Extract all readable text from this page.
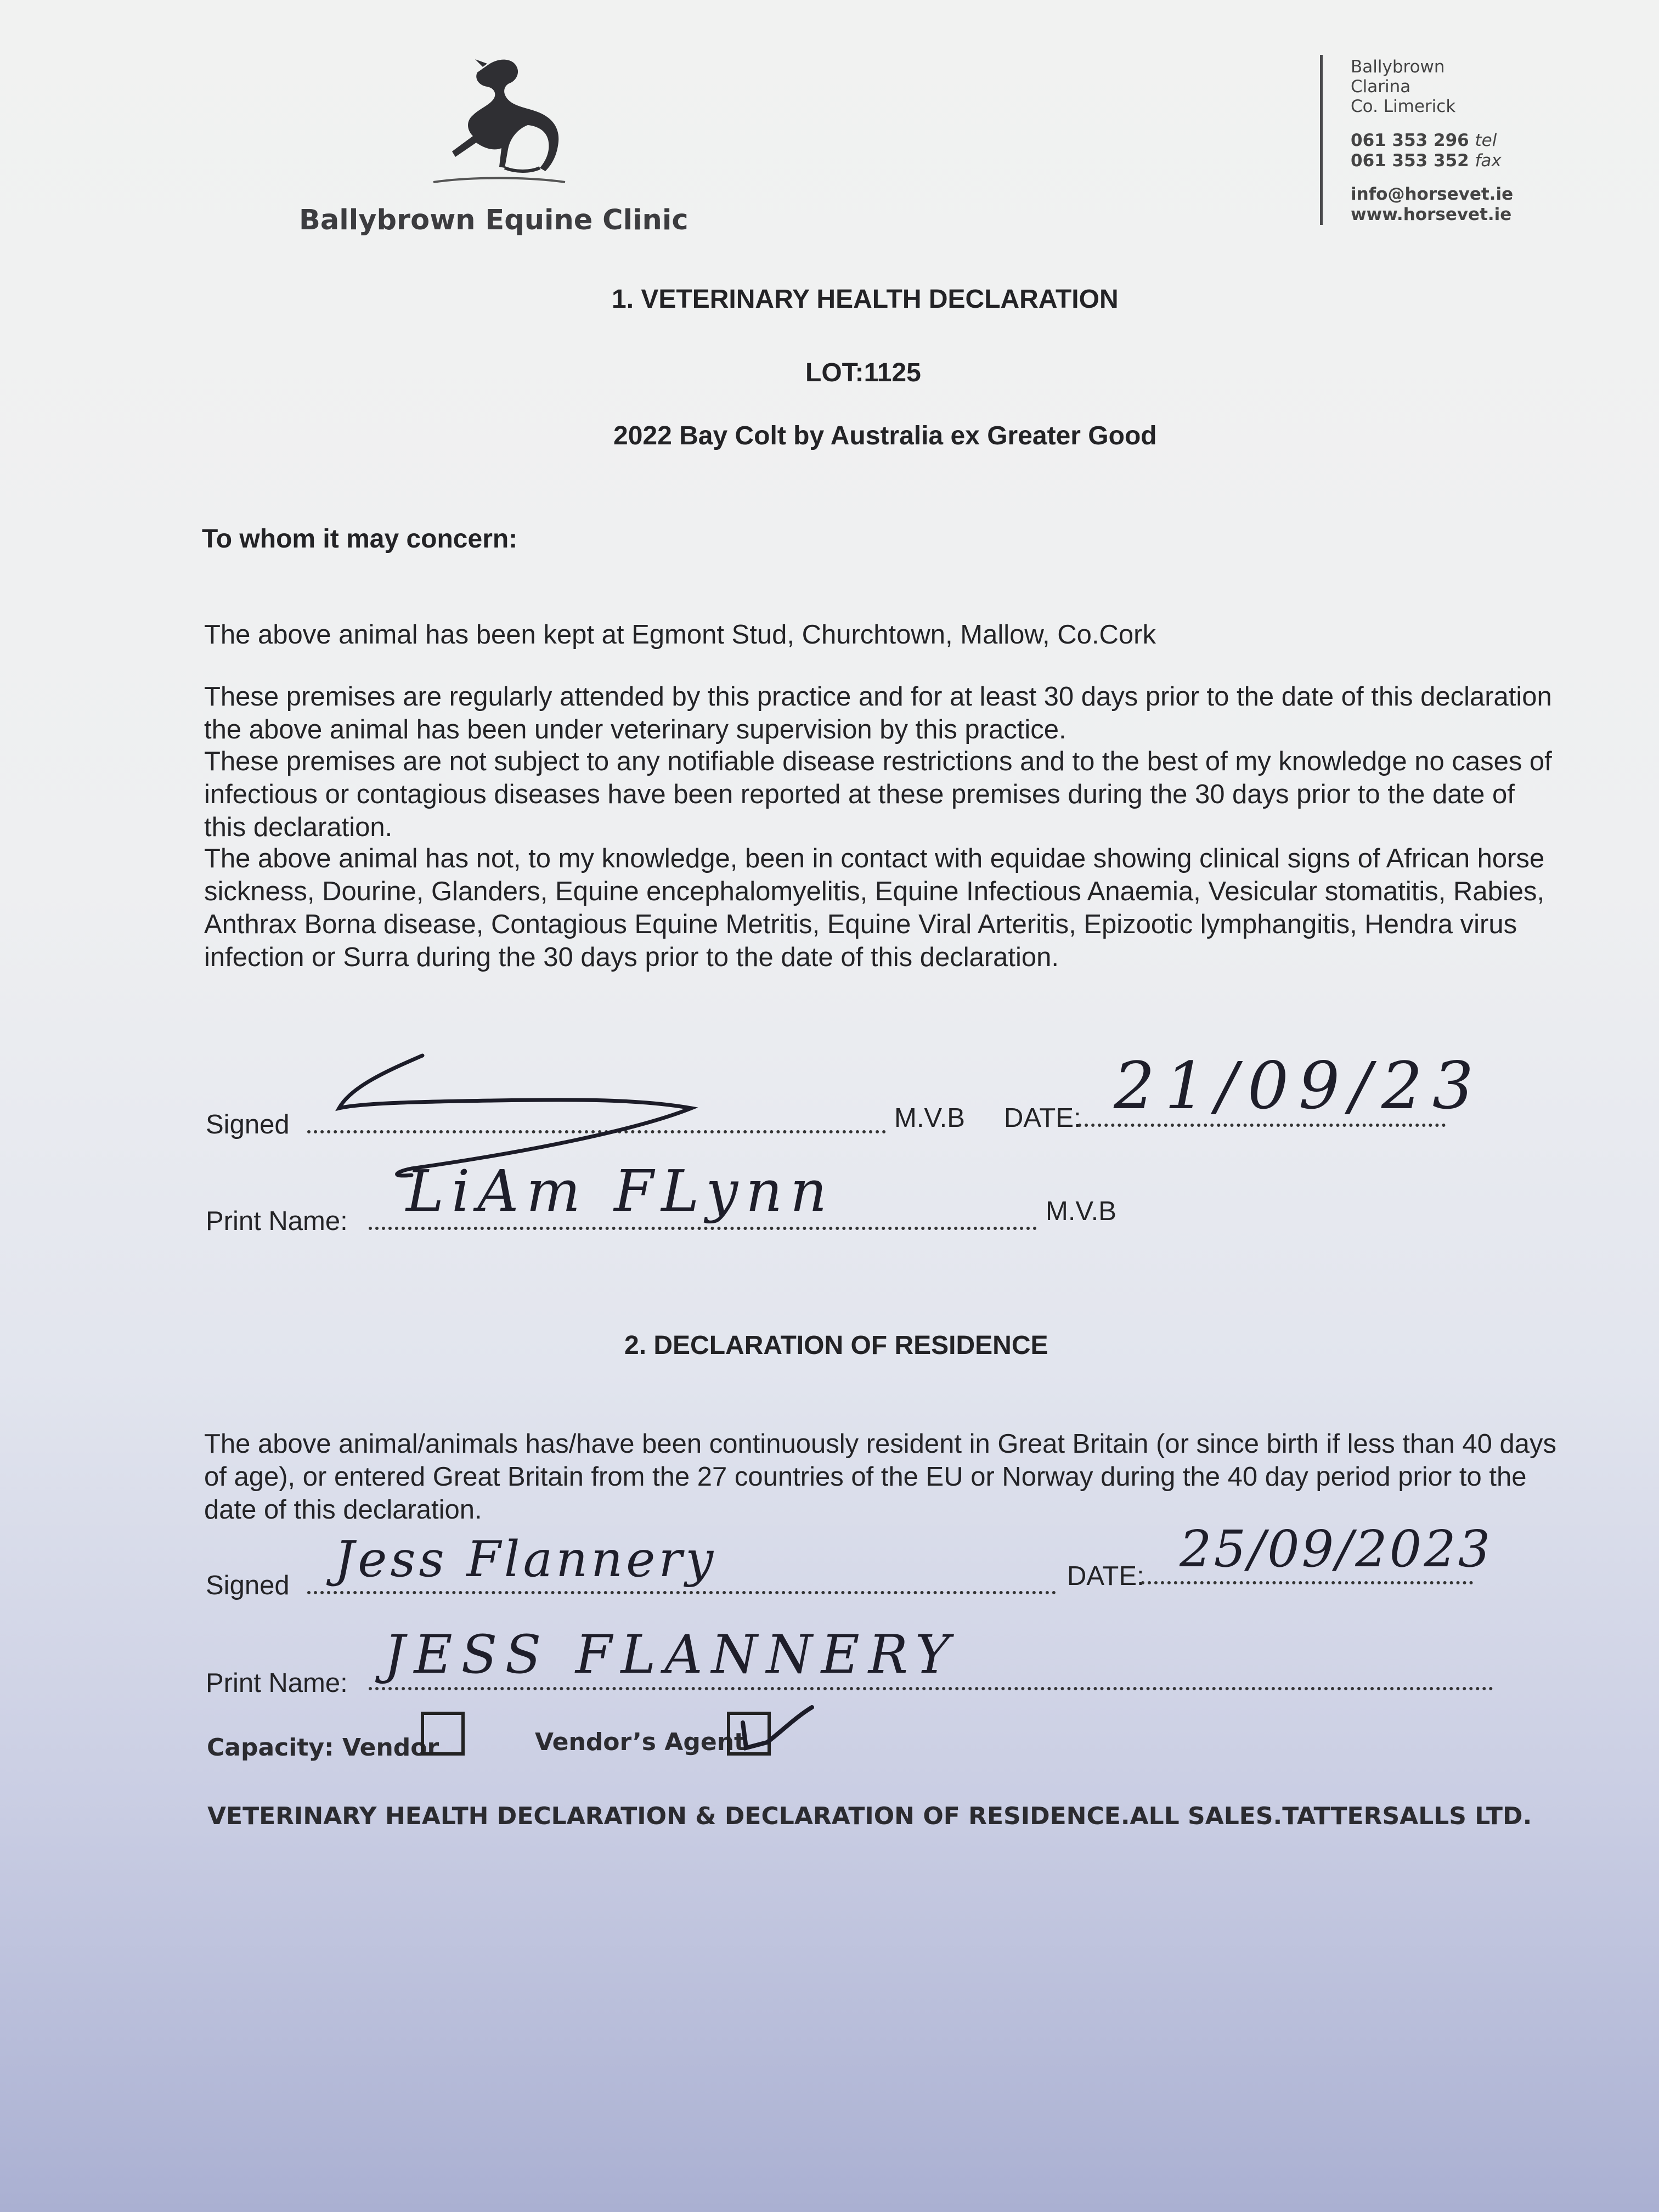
Ballybrown Equine Clinic
Ballybrown
Clarina
Co. Limerick
061 353 296 tel
061 353 352 fax
info@horsevet.ie
www.horsevet.ie
1. VETERINARY HEALTH DECLARATION
LOT:1125
2022 Bay Colt by Australia ex Greater Good
To whom it may concern:
The above animal has been kept at Egmont Stud, Churchtown, Mallow, Co.Cork
These premises are regularly attended by this practice and for at least 30 days prior to the date of this declaration the above animal has been under veterinary supervision by this practice.
These premises are not subject to any notifiable disease restrictions and to the best of my knowledge no cases of infectious or contagious diseases have been reported at these premises during the 30 days prior to the date of this declaration.
The above animal has not, to my knowledge, been in contact with equidae showing clinical signs of African horse sickness, Dourine, Glanders, Equine encephalomyelitis, Equine Infectious Anaemia, Vesicular stomatitis, Rabies, Anthrax Borna disease, Contagious Equine Metritis, Equine Viral Arteritis, Epizootic lymphangitis, Hendra virus infection or Surra during the 30 days prior to the date of this declaration.
Signed	M.V.B DATE: 21/09/23
Print Name: LiAm FLynn	M.V.B
2. DECLARATION OF RESIDENCE
The above animal/animals has/have been continuously resident in Great Britain (or since birth if less than 40 days of age), or entered Great Britain from the 27 countries of the EU or Norway during the 40 day period prior to the date of this declaration.
Signed Jess Flannery	DATE: 25/09/2023
Print Name: JESS FLANNERY
Capacity: Vendor	Vendor’s Agent
VETERINARY HEALTH DECLARATION & DECLARATION OF RESIDENCE.ALL SALES.TATTERSALLS LTD.
